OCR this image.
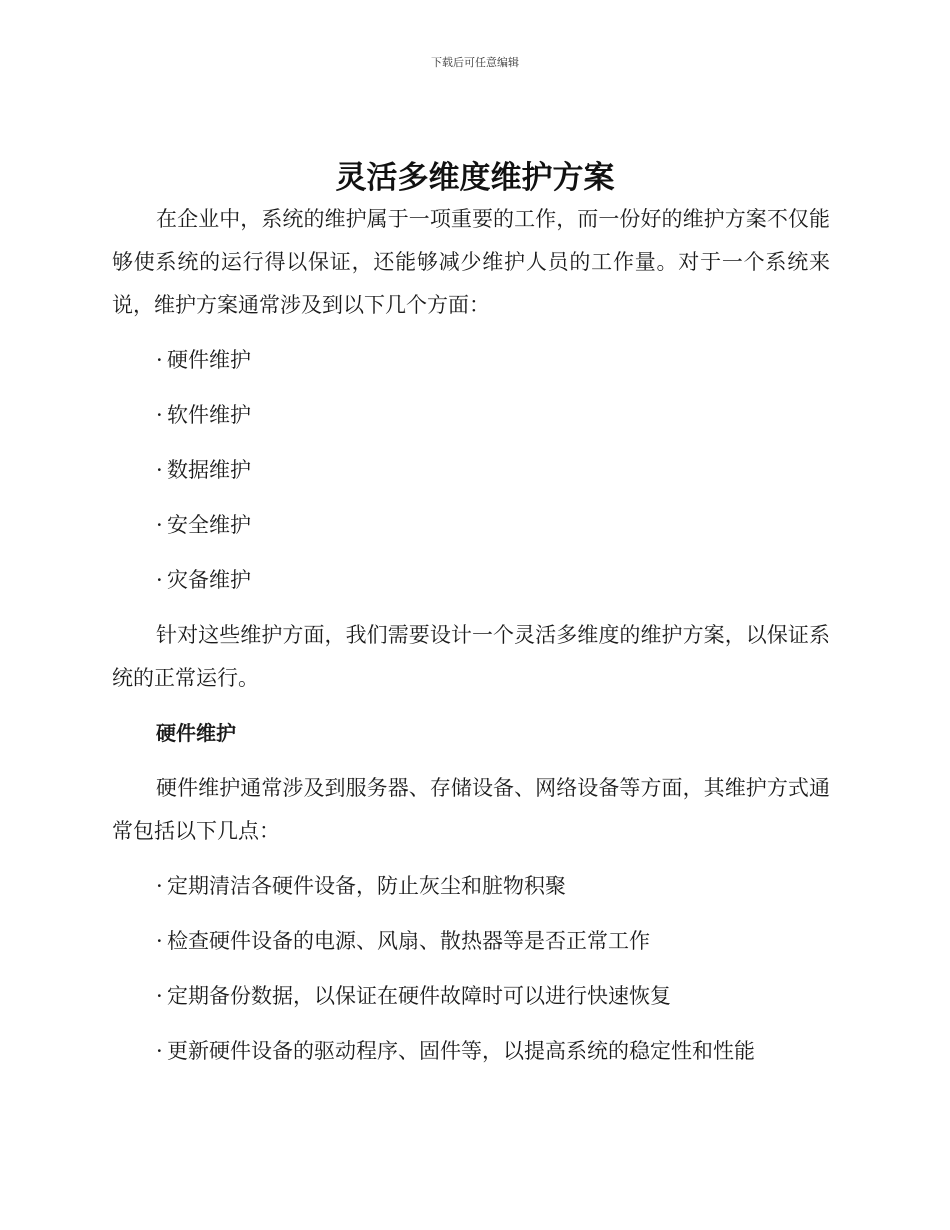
下载后可任意编辑
灵活多维度维护方案

在企业中，系统的维护属于一项重要的工作，而一份好的维护方案不仅能够使系统的运行得以保证，还能够减少维护人员的工作量。对于一个系统来说，维护方案通常涉及到以下几个方面：

· 硬件维护
· 软件维护
· 数据维护
· 安全维护
· 灾备维护

针对这些维护方面，我们需要设计一个灵活多维度的维护方案，以保证系统的正常运行。

硬件维护

硬件维护通常涉及到服务器、存储设备、网络设备等方面，其维护方式通常包括以下几点：

· 定期清洁各硬件设备，防止灰尘和脏物积聚
· 检查硬件设备的电源、风扇、散热器等是否正常工作
· 定期备份数据，以保证在硬件故障时可以进行快速恢复
· 更新硬件设备的驱动程序、固件等，以提高系统的稳定性和性能
